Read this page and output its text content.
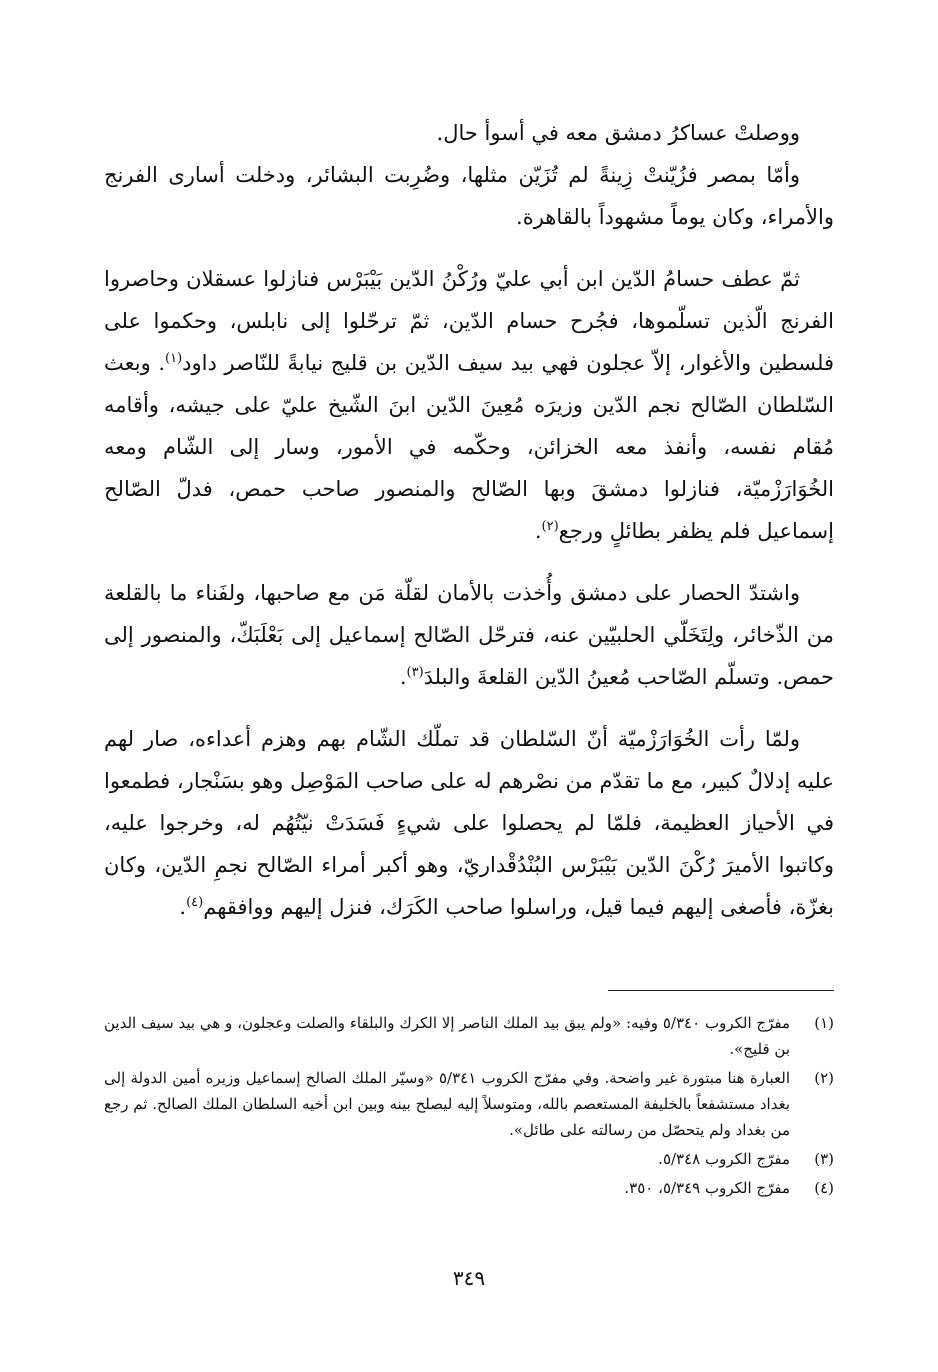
ووصلتْ عساكرُ دمشق معه في أسوأ حال.

وأمّا بمصر فزُيّنتْ زِينةً لم تُزَيّن مثلها، وضُرِبت البشائر، ودخلت أسارى الفرنج والأمراء، وكان يوماً مشهوداً بالقاهرة.

ثمّ عطف حسامُ الدّين ابن أبي عليّ ورُكْنُ الدّين بَيْبَرْس فنازلوا عسقلان وحاصروا الفرنج الّذين تسلّموها، فجُرح حسام الدّين، ثمّ ترحّلوا إلى نابلس، وحكموا على فلسطين والأغوار، إلاّ عجلون فهي بيد سيف الدّين بن قليج نيابةً للنّاصر داود$^{(١)}$. وبعث السّلطان الصّالح نجم الدّين وزيرَه مُعِينَ الدّين ابنَ الشّيخ عليّ على جيشه، وأقامه مُقام نفسه، وأنفذ معه الخزائن، وحكّمه في الأمور، وسار إلى الشّام ومعه الخُوَارَزْميّة، فنازلوا دمشقَ وبها الصّالح والمنصور صاحب حمص، فدلّ الصّالح إسماعيل فلم يظفر بطائلٍ ورجع$^{(٢)}$.

واشتدّ الحصار على دمشق وأُخذت بالأمان لقلّة مَن مع صاحبها، ولفَناء ما بالقلعة من الذّخائر، ولِتَخَلّي الحلبيّين عنه، فترحّل الصّالح إسماعيل إلى بَعْلَبَكّ، والمنصور إلى حمص. وتسلّم الصّاحب مُعينُ الدّين القلعةَ والبلدَ$^{(٣)}$.

ولمّا رأت الخُوَارَزْميّة أنّ السّلطان قد تملّك الشّام بهم وهزم أعداءه، صار لهم عليه إدلالٌ كبير، مع ما تقدّم من نصْرهم له على صاحب المَوْصِل وهو بسَنْجار، فطمعوا في الأحياز العظيمة، فلمّا لم يحصلوا على شيءٍ فَسَدَتْ نيّتُهُم له، وخرجوا عليه، وكاتبوا الأميرَ رُكْنَ الدّين بَيْبَرْس البُنْدُقْداريّ، وهو أكبر أمراء الصّالح نجمِ الدّين، وكان بغزّة، فأصغى إليهم فيما قيل، وراسلوا صاحب الكَرَك، فنزل إليهم ووافقهم$^{(٤)}$.

(١)
مفرّج الكروب ٥/٣٤٠ وفيه: «ولم يبق بيد الملك الناصر إلا الكرك والبلقاء والصلت وعجلون، و هي بيد سيف الدين بن قليج».
(٢)
العبارة هنا مبتورة غير واضحة. وفي مفرّج الكروب ٥/٣٤١ «وسيّر الملك الصالح إسماعيل وزيره أمين الدولة إلى بغداد مستشفعاً بالخليفة المستعصم بالله، ومتوسلاً إليه ليصلح بينه وبين ابن أخيه السلطان الملك الصالح. ثم رجع من بغداد ولم يتحصّل من رسالته على طائل».
(٣)
مفرّج الكروب ٥/٣٤٨.
(٤)
مفرّج الكروب ٥/٣٤٩، ٣٥٠.
٣٤٩
